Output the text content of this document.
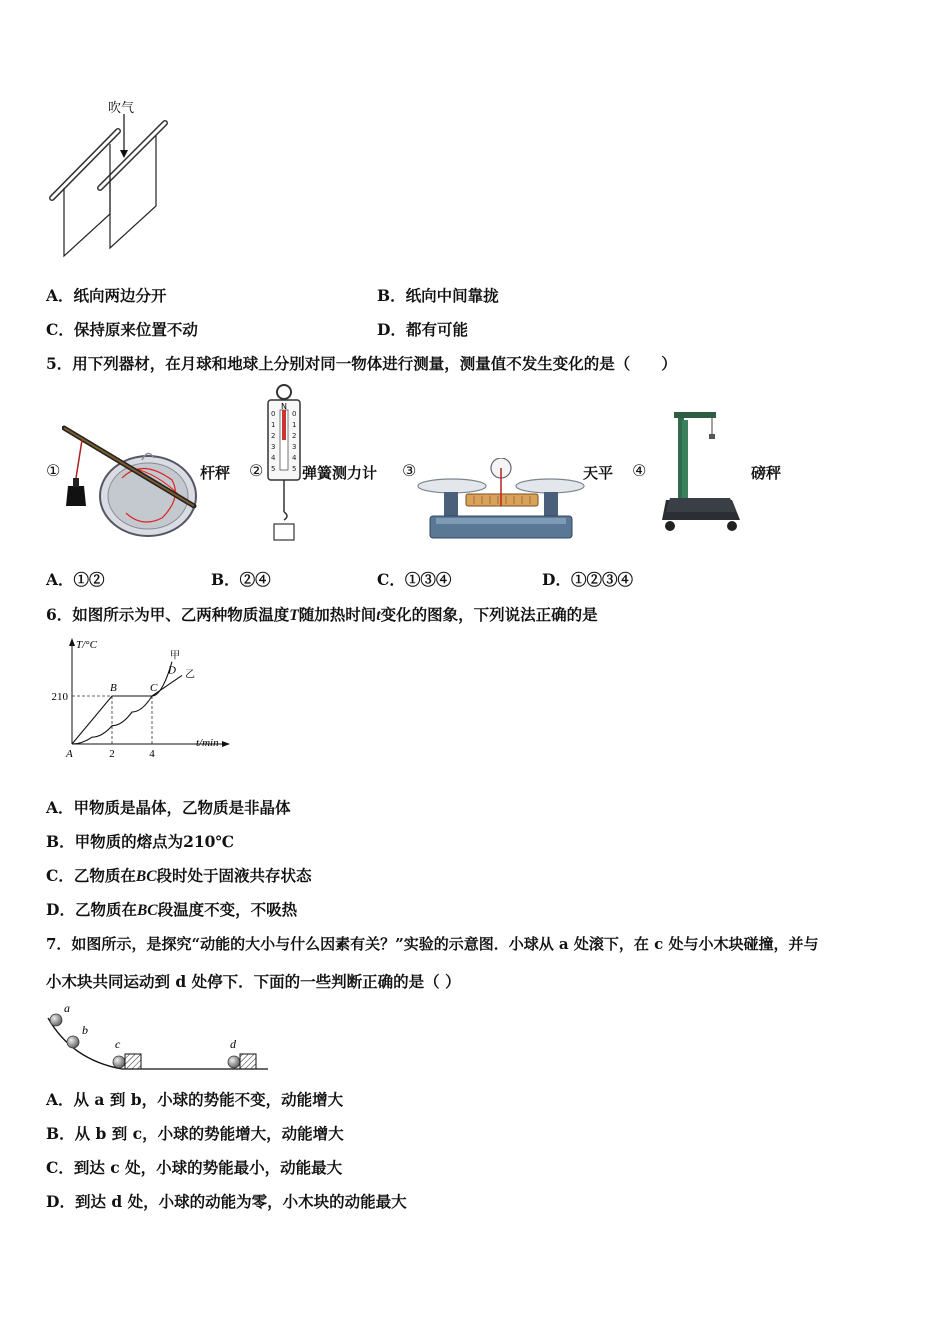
吹气
A．纸向两边分开	B．纸向中间靠拢
C．保持原来位置不动	D．都有可能
5．用下列器材，在月球和地球上分别对同一物体进行测量，测量值不发生变化的是（　　）
①	杆秤 ②
N
0
1
2
3
4
5
0
1
2
3
4
5 弹簧测力计 ③	天平 ④	磅秤
A．①②	B．②④	C．①③④	D．①②③④
6．如图所示为甲、乙两种物质温度T随加热时间t变化的图象，下列说法正确的是
T/°C
t/min
210
2	4
甲
乙
A
B	C
D
A．甲物质是晶体，乙物质是非晶体
B．甲物质的熔点为210℃
C．乙物质在BC段时处于固液共存状态
D．乙物质在BC段温度不变，不吸热
7．如图所示，是探究“动能的大小与什么因素有关？”实验的示意图．小球从 a 处滚下，在 c 处与小木块碰撞，并与
小木块共同运动到 d 处停下．下面的一些判断正确的是（ ）
a
b
c	d
A．从 a 到 b，小球的势能不变，动能增大
B．从 b 到 c，小球的势能增大，动能增大
C．到达 c 处，小球的势能最小，动能最大
D．到达 d 处，小球的动能为零，小木块的动能最大
